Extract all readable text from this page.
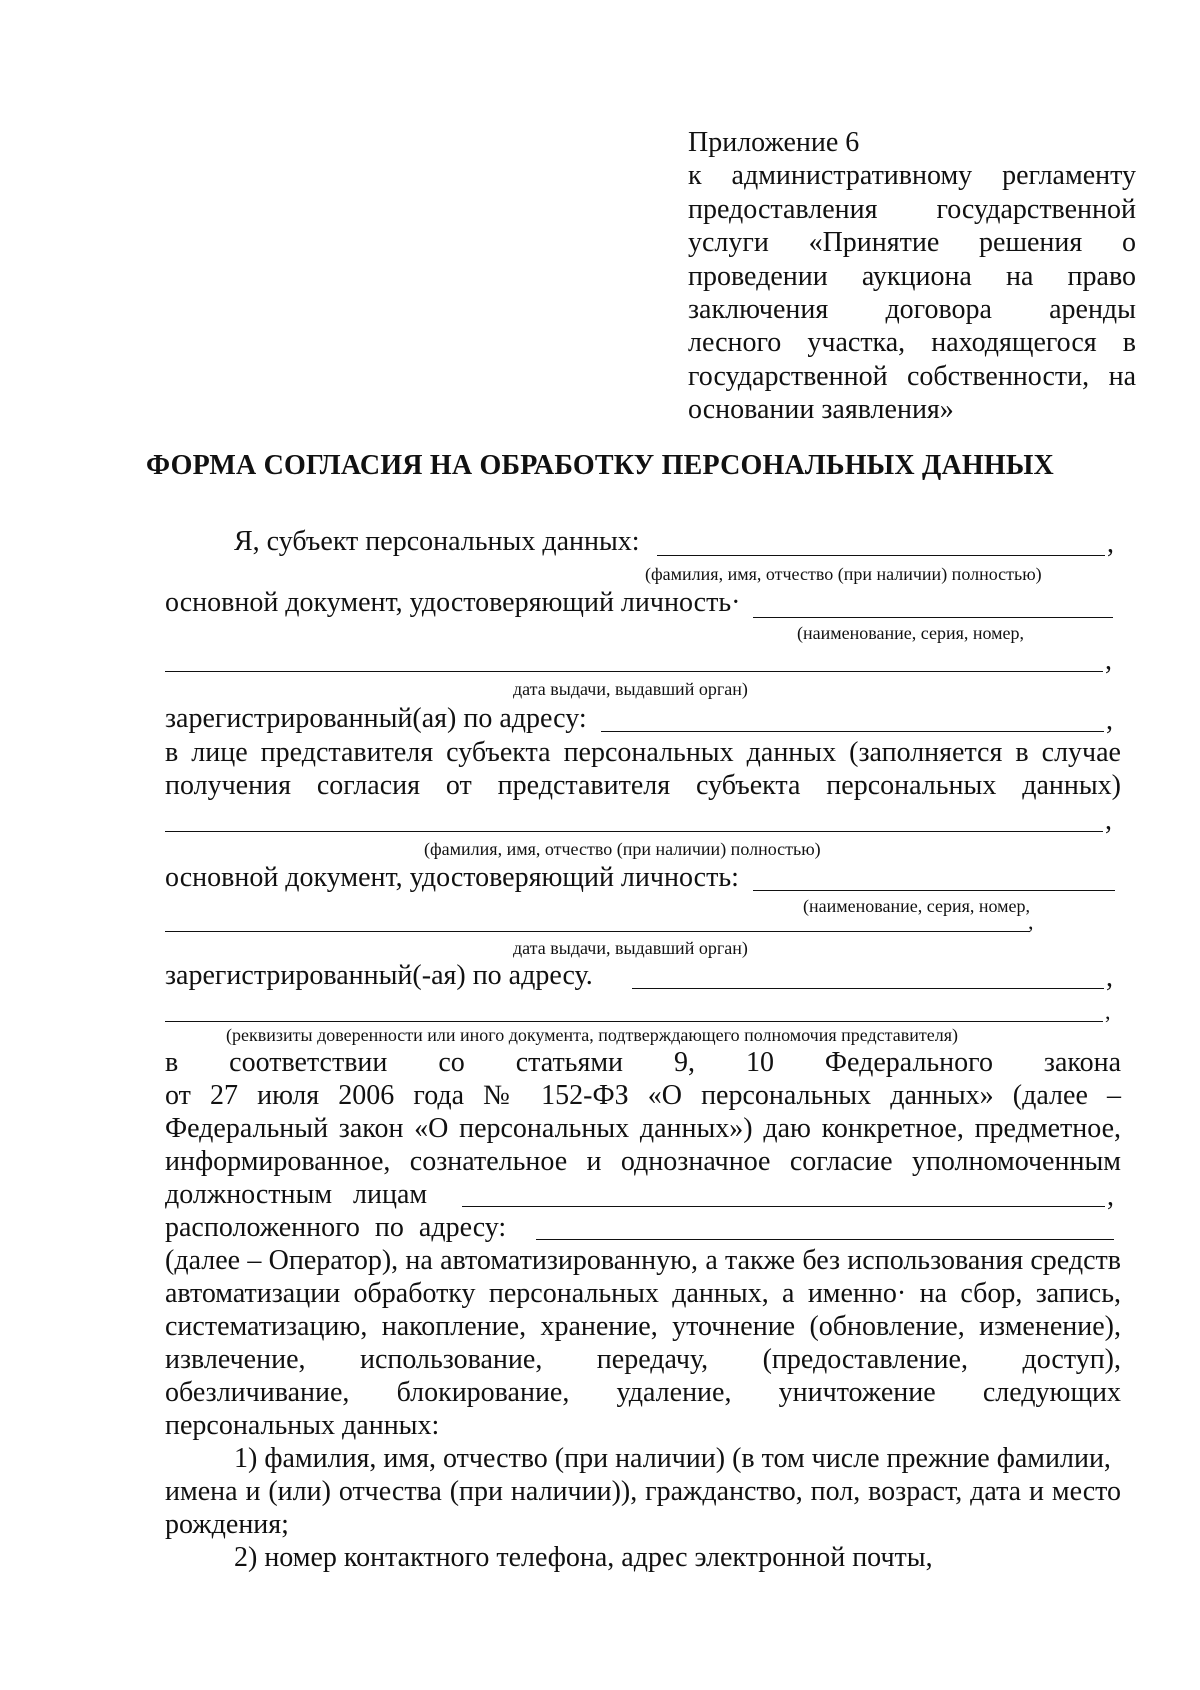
Приложение 6
к административному регламенту
предоставления государственной
услуги «Принятие решения о
проведении аукциона на право
заключения договора аренды
лесного участка, находящегося в
государственной собственности, на
основании заявления»
ФОРМА СОГЛАСИЯ НА ОБРАБОТКУ ПЕРСОНАЛЬНЫХ ДАННЫХ
Я, субъект персональных данных:	,
(фамилия, имя, отчество (при наличии) полностью)
основной документ, удостоверяющий личность·
(наименование, серия, номер,
,
дата выдачи, выдавший орган)
зарегистрированный(ая) по адресу:	,
в лице представителя субъекта персональных данных (заполняется в случае
получения согласия от представителя субъекта персональных данных)
,
(фамилия, имя, отчество (при наличии) полностью)
основной документ, удостоверяющий личность:
(наименование, серия, номер,
,
дата выдачи, выдавший орган)
зарегистрированный(-ая) по адресу.	,
,
(реквизиты доверенности или иного документа, подтверждающего полномочия представителя)
в соответствии со статьями 9, 10 Федерального закона
от 27 июля 2006 года № 152-ФЗ «О персональных данных» (далее –
Федеральный закон «О персональных данных») даю конкретное, предметное,
информированное, сознательное и однозначное согласие уполномоченным
должностным лицам	,
расположенного по адресу:
(далее – Оператор), на автоматизированную, а также без использования средств
автоматизации обработку персональных данных, а именно· на сбор, запись,
систематизацию, накопление, хранение, уточнение (обновление, изменение),
извлечение, использование, передачу, (предоставление, доступ),
обезличивание, блокирование, удаление, уничтожение следующих
персональных данных:
1) фамилия, имя, отчество (при наличии) (в том числе прежние фамилии,
имена и (или) отчества (при наличии)), гражданство, пол, возраст, дата и место
рождения;
2) номер контактного телефона, адрес электронной почты,
